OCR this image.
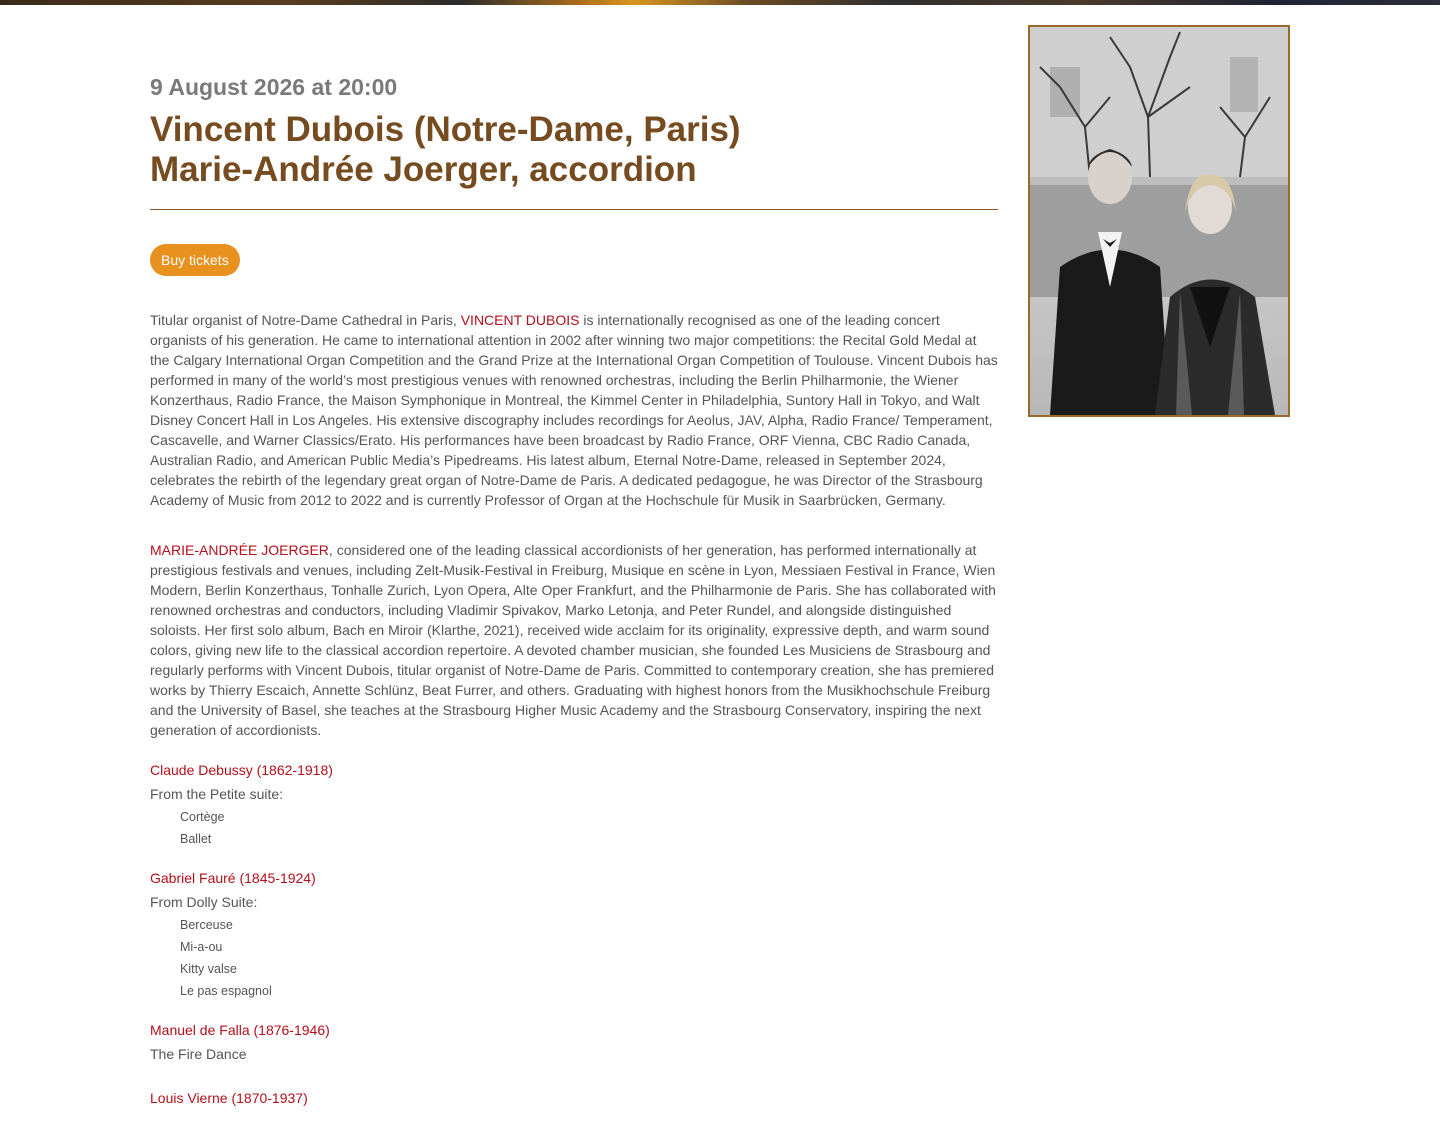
9 August 2026 at 20:00
Vincent Dubois (Notre-Dame, Paris)
Marie-Andrée Joerger, accordion
Buy tickets

Titular organist of Notre-Dame Cathedral in Paris, VINCENT DUBOIS is internationally recognised as one of the leading concert organists of his generation. He came to international attention in 2002 after winning two major competitions: the Recital Gold Medal at the Calgary International Organ Competition and the Grand Prize at the International Organ Competition of Toulouse. Vincent Dubois has performed in many of the world’s most prestigious venues with renowned orchestras, including the Berlin Philharmonie, the Wiener Konzerthaus, Radio France, the Maison Symphonique in Montreal, the Kimmel Center in Philadelphia, Suntory Hall in Tokyo, and Walt Disney Concert Hall in Los Angeles. His extensive discography includes recordings for Aeolus, JAV, Alpha, Radio France/ Temperament, Cascavelle, and Warner Classics/Erato. His performances have been broadcast by Radio France, ORF Vienna, CBC Radio Canada, Australian Radio, and American Public Media’s Pipedreams. His latest album, Eternal Notre-Dame, released in September 2024, celebrates the rebirth of the legendary great organ of Notre-Dame de Paris. A dedicated pedagogue, he was Director of the Strasbourg Academy of Music from 2012 to 2022 and is currently Professor of Organ at the Hochschule für Musik in Saarbrücken, Germany.

MARIE-ANDRÉE JOERGER, considered one of the leading classical accordionists of her generation, has performed internationally at prestigious festivals and venues, including Zelt-Musik-Festival in Freiburg, Musique en scène in Lyon, Messiaen Festival in France, Wien Modern, Berlin Konzerthaus, Tonhalle Zurich, Lyon Opera, Alte Oper Frankfurt, and the Philharmonie de Paris. She has collaborated with renowned orchestras and conductors, including Vladimir Spivakov, Marko Letonja, and Peter Rundel, and alongside distinguished soloists. Her first solo album, Bach en Miroir (Klarthe, 2021), received wide acclaim for its originality, expressive depth, and warm sound colors, giving new life to the classical accordion repertoire. A devoted chamber musician, she founded Les Musiciens de Strasbourg and regularly performs with Vincent Dubois, titular organist of Notre-Dame de Paris. Committed to contemporary creation, she has premiered works by Thierry Escaich, Annette Schlünz, Beat Furrer, and others. Graduating with highest honors from the Musikhochschule Freiburg and the University of Basel, she teaches at the Strasbourg Higher Music Academy and the Strasbourg Conservatory, inspiring the next generation of accordionists.

Claude Debussy (1862-1918)
From the Petite suite:
Cortège
Ballet
Gabriel Fauré (1845-1924)
From Dolly Suite:
Berceuse
Mi-a-ou
Kitty valse
Le pas espagnol
Manuel de Falla (1876-1946)
The Fire Dance
Louis Vierne (1870-1937)
